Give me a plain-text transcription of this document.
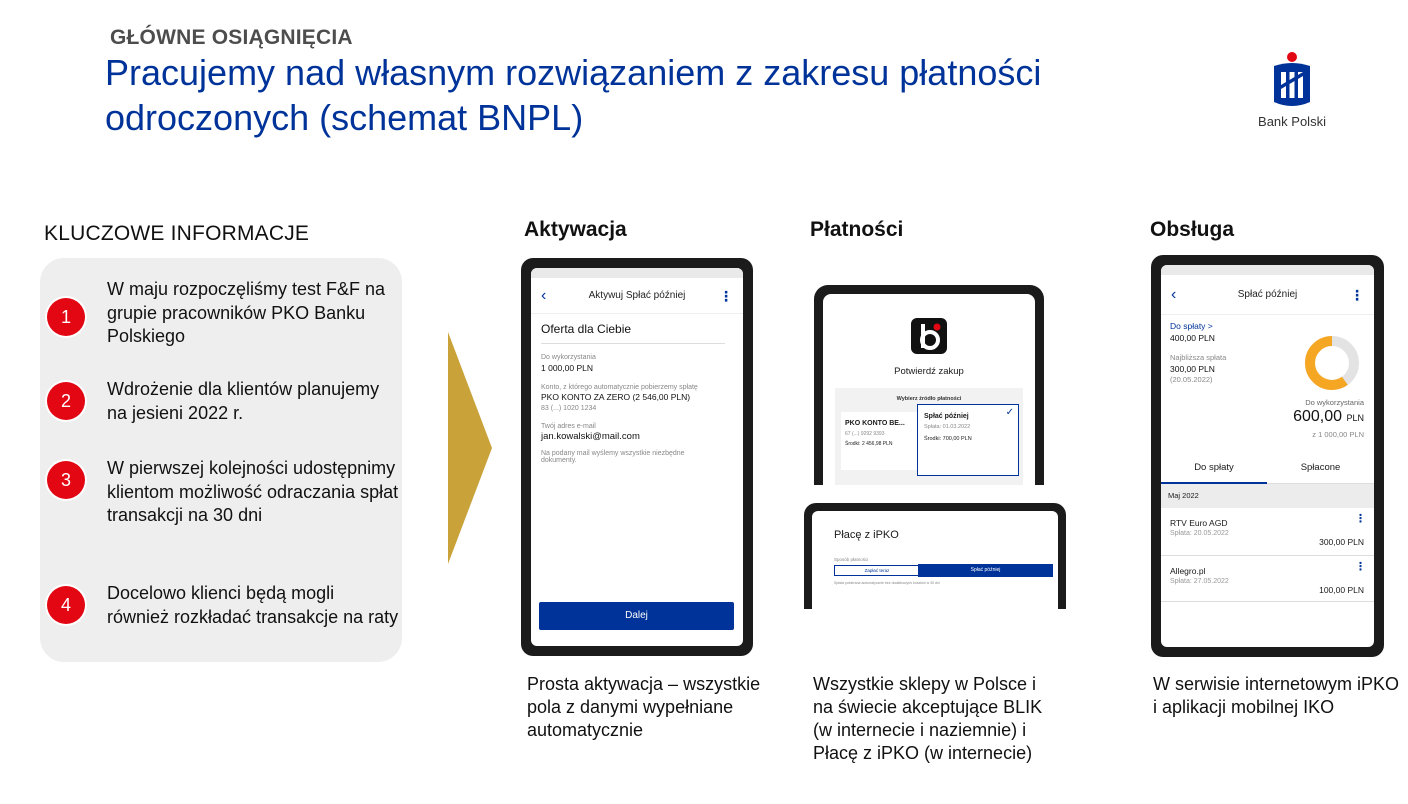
GŁÓWNE OSIĄGNIĘCIA
Pracujemy nad własnym rozwiązaniem z zakresu płatności odroczonych (schemat BNPL)	Bank Polski
KLUCZOWE INFORMACJE
1
W maju rozpoczęliśmy test F&F na grupie pracowników PKO Banku Polskiego
2
Wdrożenie dla klientów planujemy na jesieni 2022 r.
3
W pierwszej kolejności udostępnimy klientom możliwość odraczania spłat transakcji na 30 dni
4
Docelowo klienci będą mogli również rozkładać transakcje na raty
Aktywacja	Płatności	Obsługa
‹	Aktywuj Spłać później ⋮
Oferta dla Ciebie
Do wykorzystania
1 000,00 PLN
Konto, z którego automatycznie pobierzemy spłatę
PKO KONTO ZA ZERO (2 546,00 PLN)
83 (...) 1020 1234
Twój adres e-mail
jan.kowalski@mail.com
Na podany mail wyślemy wszystkie niezbędne dokumenty.
Dalej
Potwierdź zakup
Wybierz źródło płatności
PKO KONTO BE...
67 (...) 9292 9393
Środki: 2 456,98 PLN
Spłać później
Spłata: 01.03.2022
Środki: 700,00 PLN
✓
Płacę z iPKO
Sposób płatności
Zapłać teraz	Spłać później
Spłata pobierana automatycznie bez dodatkowych kosztów w 30 dni
‹	Spłać później	⋮
Do spłaty >
400,00 PLN
Najbliższa spłata
300,00 PLN
(20.05.2022)
Do wykorzystania
600,00 PLN
z 1 000,00 PLN
Do spłaty	Spłacone
Maj 2022
RTV Euro AGD
Spłata: 20.05.2022
300,00 PLN
⋮
Allegro.pl
Spłata: 27.05.2022
100,00 PLN
⋮
Prosta aktywacja – wszystkie pola z danymi wypełniane automatycznie
Wszystkie sklepy w Polsce i na świecie akceptujące BLIK (w internecie i naziemnie) i Płacę z iPKO (w internecie)
W serwisie internetowym iPKO i aplikacji mobilnej IKO
